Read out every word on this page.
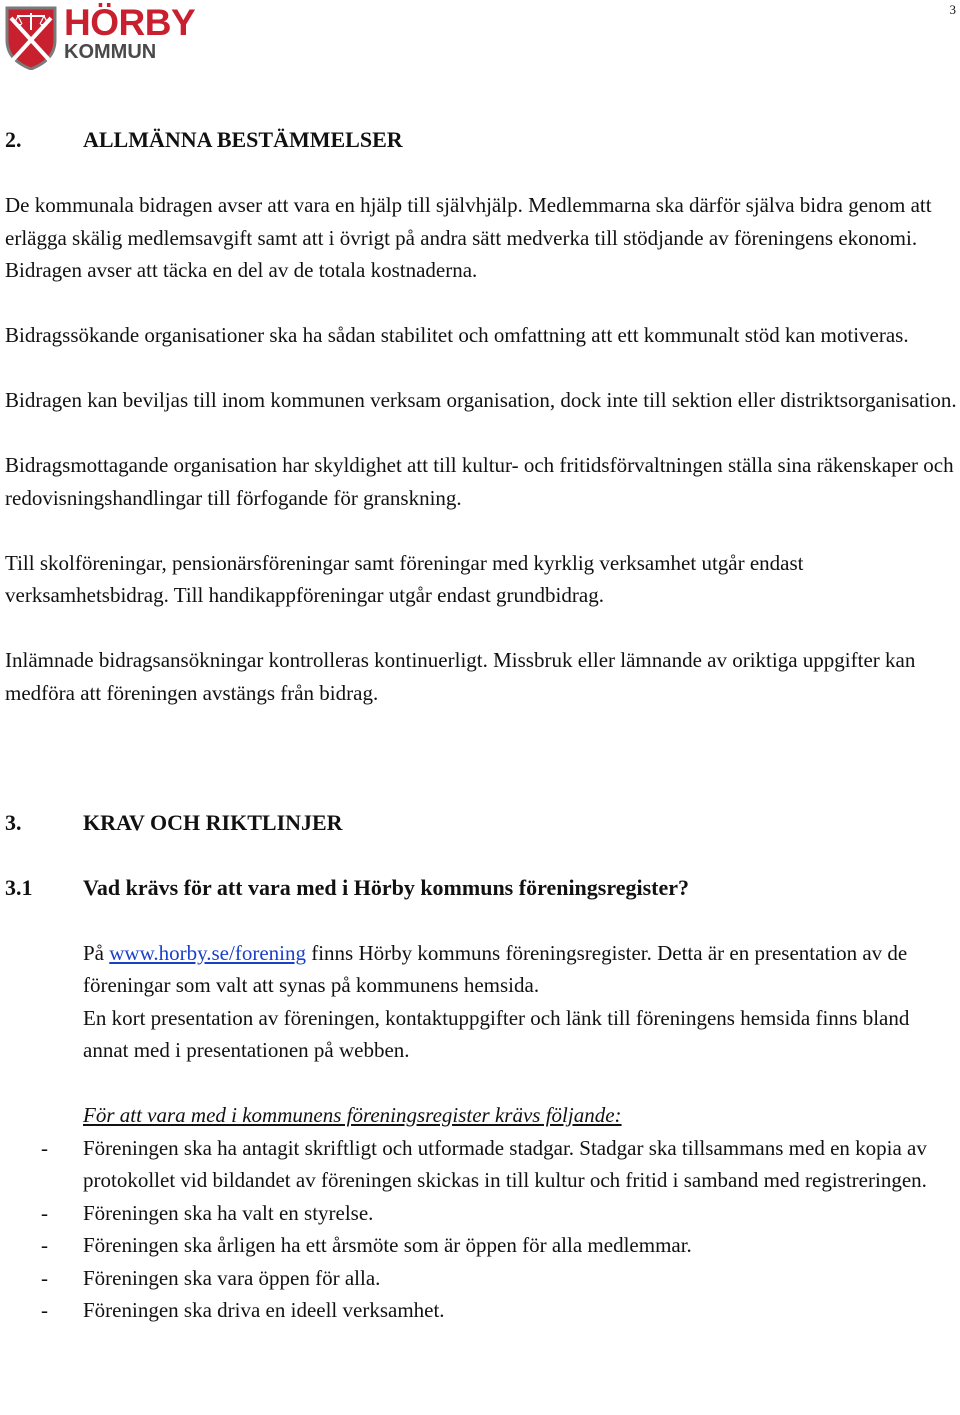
3
HÖRBY
KOMMUN
2.	ALLMÄNNA BESTÄMMELSER

De kommunala bidragen avser att vara en hjälp till självhjälp. Medlemmarna ska därför själva bidra genom att erlägga skälig medlemsavgift samt att i övrigt på andra sätt medverka till stödjande av föreningens ekonomi. Bidragen avser att täcka en del av de totala kostnaderna.

Bidragssökande organisationer ska ha sådan stabilitet och omfattning att ett kommunalt stöd kan motiveras.

Bidragen kan beviljas till inom kommunen verksam organisation, dock inte till sektion eller distriktsorganisation.

Bidragsmottagande organisation har skyldighet att till kultur- och fritidsförvaltningen ställa sina räkenskaper och redovisningshandlingar till förfogande för granskning.

Till skolföreningar, pensionärsföreningar samt föreningar med kyrklig verksamhet utgår endast verksamhetsbidrag. Till handikappföreningar utgår endast grundbidrag.

Inlämnade bidragsansökningar kontrolleras kontinuerligt. Missbruk eller lämnande av oriktiga uppgifter kan medföra att föreningen avstängs från bidrag.

3.	KRAV OCH RIKTLINJER
3.1	Vad krävs för att vara med i Hörby kommuns föreningsregister?

På www.horby.se/forening finns Hörby kommuns föreningsregister. Detta är en presentation av de föreningar som valt att synas på kommunens hemsida.

En kort presentation av föreningen, kontaktuppgifter och länk till föreningens hemsida finns bland annat med i presentationen på webben.

För att vara med i kommunens föreningsregister krävs följande:

-	Föreningen ska ha antagit skriftligt och utformade stadgar. Stadgar ska tillsammans med en kopia av protokollet vid bildandet av föreningen skickas in till kultur och fritid i samband med registreringen.
-	Föreningen ska ha valt en styrelse.
-	Föreningen ska årligen ha ett årsmöte som är öppen för alla medlemmar.
-	Föreningen ska vara öppen för alla.
-	Föreningen ska driva en ideell verksamhet.
